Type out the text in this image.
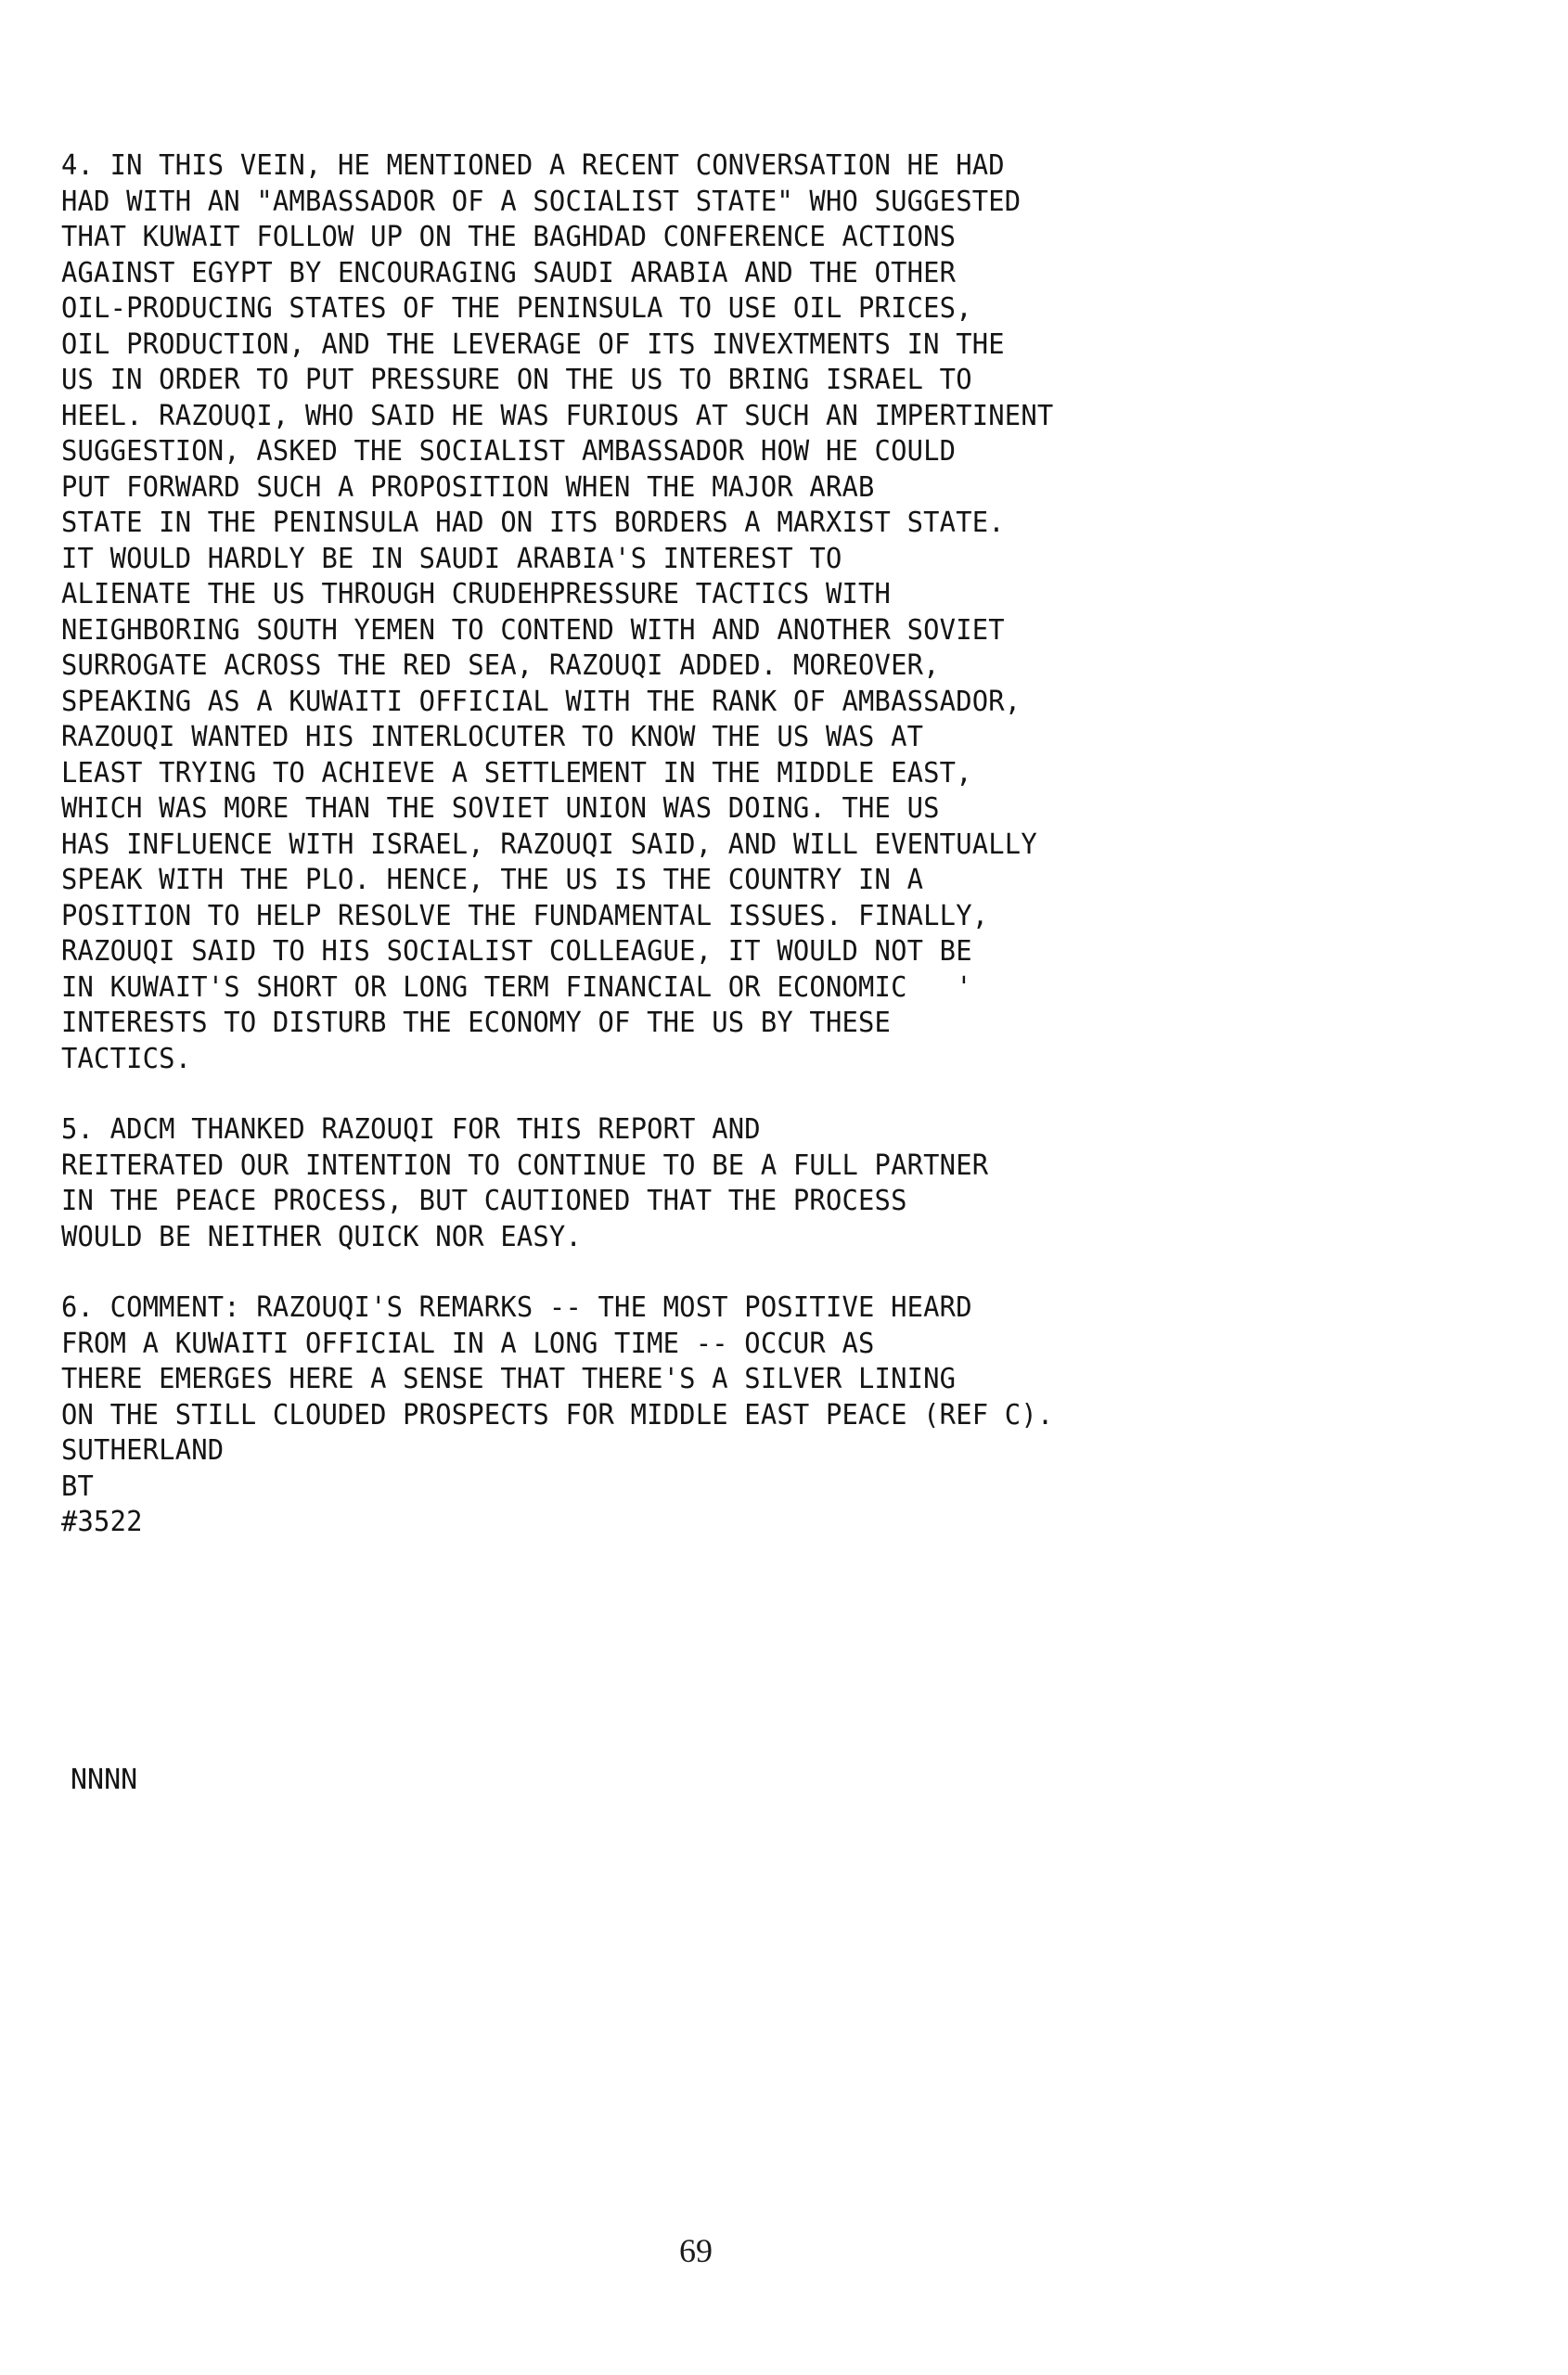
4. IN THIS VEIN, HE MENTIONED A RECENT CONVERSATION HE HAD
HAD WITH AN "AMBASSADOR OF A SOCIALIST STATE" WHO SUGGESTED
THAT KUWAIT FOLLOW UP ON THE BAGHDAD CONFERENCE ACTIONS
AGAINST EGYPT BY ENCOURAGING SAUDI ARABIA AND THE OTHER
OIL-PRODUCING STATES OF THE PENINSULA TO USE OIL PRICES,
OIL PRODUCTION, AND THE LEVERAGE OF ITS INVEXTMENTS IN THE
US IN ORDER TO PUT PRESSURE ON THE US TO BRING ISRAEL TO
HEEL. RAZOUQI, WHO SAID HE WAS FURIOUS AT SUCH AN IMPERTINENT
SUGGESTION, ASKED THE SOCIALIST AMBASSADOR HOW HE COULD
PUT FORWARD SUCH A PROPOSITION WHEN THE MAJOR ARAB
STATE IN THE PENINSULA HAD ON ITS BORDERS A MARXIST STATE.
IT WOULD HARDLY BE IN SAUDI ARABIA'S INTEREST TO
ALIENATE THE US THROUGH CRUDEHPRESSURE TACTICS WITH
NEIGHBORING SOUTH YEMEN TO CONTEND WITH AND ANOTHER SOVIET
SURROGATE ACROSS THE RED SEA, RAZOUQI ADDED. MOREOVER,
SPEAKING AS A KUWAITI OFFICIAL WITH THE RANK OF AMBASSADOR,
RAZOUQI WANTED HIS INTERLOCUTER TO KNOW THE US WAS AT
LEAST TRYING TO ACHIEVE A SETTLEMENT IN THE MIDDLE EAST,
WHICH WAS MORE THAN THE SOVIET UNION WAS DOING. THE US
HAS INFLUENCE WITH ISRAEL, RAZOUQI SAID, AND WILL EVENTUALLY
SPEAK WITH THE PLO. HENCE, THE US IS THE COUNTRY IN A
POSITION TO HELP RESOLVE THE FUNDAMENTAL ISSUES. FINALLY,
RAZOUQI SAID TO HIS SOCIALIST COLLEAGUE, IT WOULD NOT BE
IN KUWAIT'S SHORT OR LONG TERM FINANCIAL OR ECONOMIC   '
INTERESTS TO DISTURB THE ECONOMY OF THE US BY THESE
TACTICS.
5. ADCM THANKED RAZOUQI FOR THIS REPORT AND
REITERATED OUR INTENTION TO CONTINUE TO BE A FULL PARTNER
IN THE PEACE PROCESS, BUT CAUTIONED THAT THE PROCESS
WOULD BE NEITHER QUICK NOR EASY.
6. COMMENT: RAZOUQI'S REMARKS -- THE MOST POSITIVE HEARD
FROM A KUWAITI OFFICIAL IN A LONG TIME -- OCCUR AS
THERE EMERGES HERE A SENSE THAT THERE'S A SILVER LINING
ON THE STILL CLOUDED PROSPECTS FOR MIDDLE EAST PEACE (REF C).
SUTHERLAND
BT
#3522
NNNN
69
